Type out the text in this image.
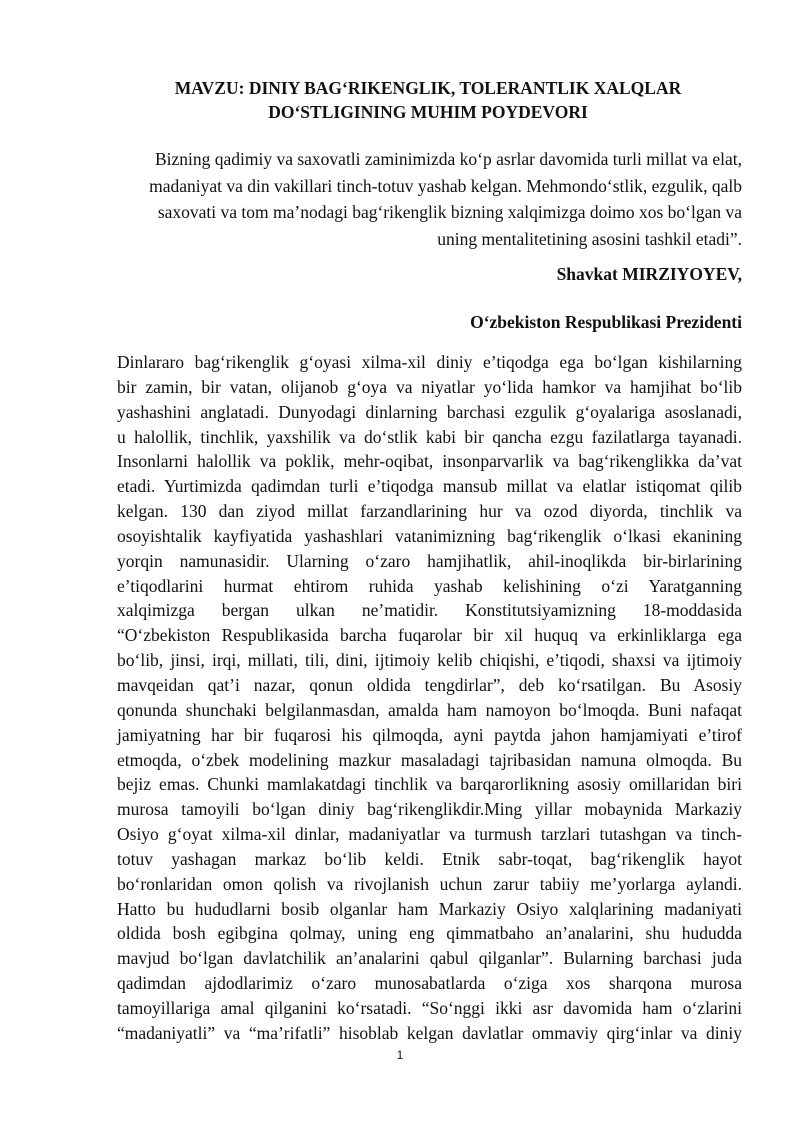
MAVZU: DINIY BAG‘RIKENGLIK, TOLERANTLIK XALQLAR
DO‘STLIGINING MUHIM POYDEVORI
Bizning qadimiy va saxovatli zaminimizda ko‘p asrlar davomida turli millat va elat, madaniyat va din vakillari tinch-totuv yashab kelgan. Mehmondo‘stlik, ezgulik, qalb saxovati va tom ma’nodagi bag‘rikenglik bizning xalqimizga doimo xos bo‘lgan va uning mentalitetining asosini tashkil etadi”.
Shavkat MIRZIYOYEV,
O‘zbekiston Respublikasi Prezidenti
Dinlararo bag‘rikenglik g‘oyasi xilma-xil diniy e’tiqodga ega bo‘lgan kishilarning
bir zamin, bir vatan, olijanob g‘oya va niyatlar yo‘lida hamkor va hamjihat bo‘lib
yashashini anglatadi. Dunyodagi dinlarning barchasi ezgulik g‘oyalariga asoslanadi,
u halollik, tinchlik, yaxshilik va do‘stlik kabi bir qancha ezgu fazilatlarga tayanadi.
Insonlarni halollik va poklik, mehr-oqibat, insonparvarlik va bag‘rikenglikka da’vat
etadi. Yurtimizda qadimdan turli e’tiqodga mansub millat va elatlar istiqomat qilib
kelgan. 130 dan ziyod millat farzandlarining hur va ozod diyorda, tinchlik va
osoyishtalik kayfiyatida yashashlari vatanimizning bag‘rikenglik o‘lkasi ekanining
yorqin namunasidir. Ularning o‘zaro hamjihatlik, ahil-inoqlikda bir-birlarining
e’tiqodlarini hurmat ehtirom ruhida yashab kelishining o‘zi Yaratganning
xalqimizga bergan ulkan ne’matidir. Konstitutsiyamizning 18-moddasida
“O‘zbekiston Respublikasida barcha fuqarolar bir xil huquq va erkinliklarga ega
bo‘lib, jinsi, irqi, millati, tili, dini, ijtimoiy kelib chiqishi, e’tiqodi, shaxsi va ijtimoiy
mavqeidan qat’i nazar, qonun oldida tengdirlar”, deb ko‘rsatilgan. Bu Asosiy
qonunda shunchaki belgilanmasdan, amalda ham namoyon bo‘lmoqda. Buni nafaqat
jamiyatning har bir fuqarosi his qilmoqda, ayni paytda jahon hamjamiyati e’tirof
etmoqda, o‘zbek modelining mazkur masaladagi tajribasidan namuna olmoqda. Bu
bejiz emas. Chunki mamlakatdagi tinchlik va barqarorlikning asosiy omillaridan biri
murosa tamoyili bo‘lgan diniy bag‘rikenglikdir.Ming yillar mobaynida Markaziy
Osiyo g‘oyat xilma-xil dinlar, madaniyatlar va turmush tarzlari tutashgan va tinch-
totuv yashagan markaz bo‘lib keldi. Etnik sabr-toqat, bag‘rikenglik hayot
bo‘ronlaridan omon qolish va rivojlanish uchun zarur tabiiy me’yorlarga aylandi.
Hatto bu hududlarni bosib olganlar ham Markaziy Osiyo xalqlarining madaniyati
oldida bosh egibgina qolmay, uning eng qimmatbaho an’analarini, shu hududda
mavjud bo‘lgan davlatchilik an’analarini qabul qilganlar”. Bularning barchasi juda
qadimdan ajdodlarimiz o‘zaro munosabatlarda o‘ziga xos sharqona murosa
tamoyillariga amal qilganini ko‘rsatadi. “So‘nggi ikki asr davomida ham o‘zlarini
“madaniyatli” va “ma’rifatli” hisoblab kelgan davlatlar ommaviy qirg‘inlar va diniy
1
